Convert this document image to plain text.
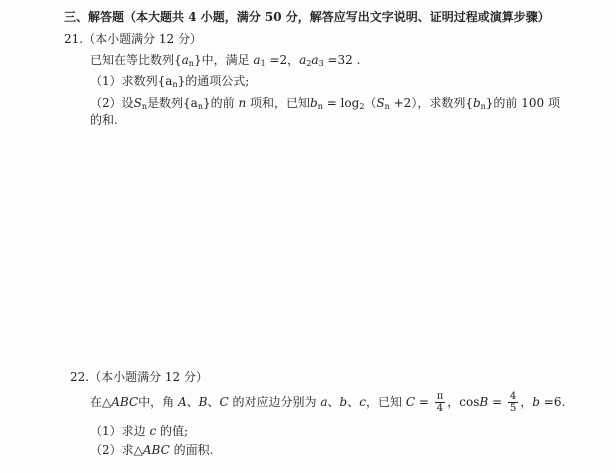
三、解答题（本大题共 4 小题，满分 50 分，解答应写出文字说明、证明过程或演算步骤）
21.（本小题满分 12 分）
已知在等比数列$\{a_n\}$中，满足 $a_1 =2$，$a_2a_3 =32$ .
（1）求数列$\{a_n\}$的通项公式;
（2）设$S_n$是数列$\{a_n\}$的前 n 项和，已知$b_n = \log_2(S_n +2)$，求数列$\{b_n\}$的前 100 项
的和.
22.（本小题满分 12 分）
在△ABC中，角 A、B、C 的对应边分别为 a、b、c，已知 $C = \frac{\pi}{4}$ ，$\cos B = \frac{4}{5}$ ，b =6.
（1）求边 c 的值;
（2）求△ABC 的面积.
